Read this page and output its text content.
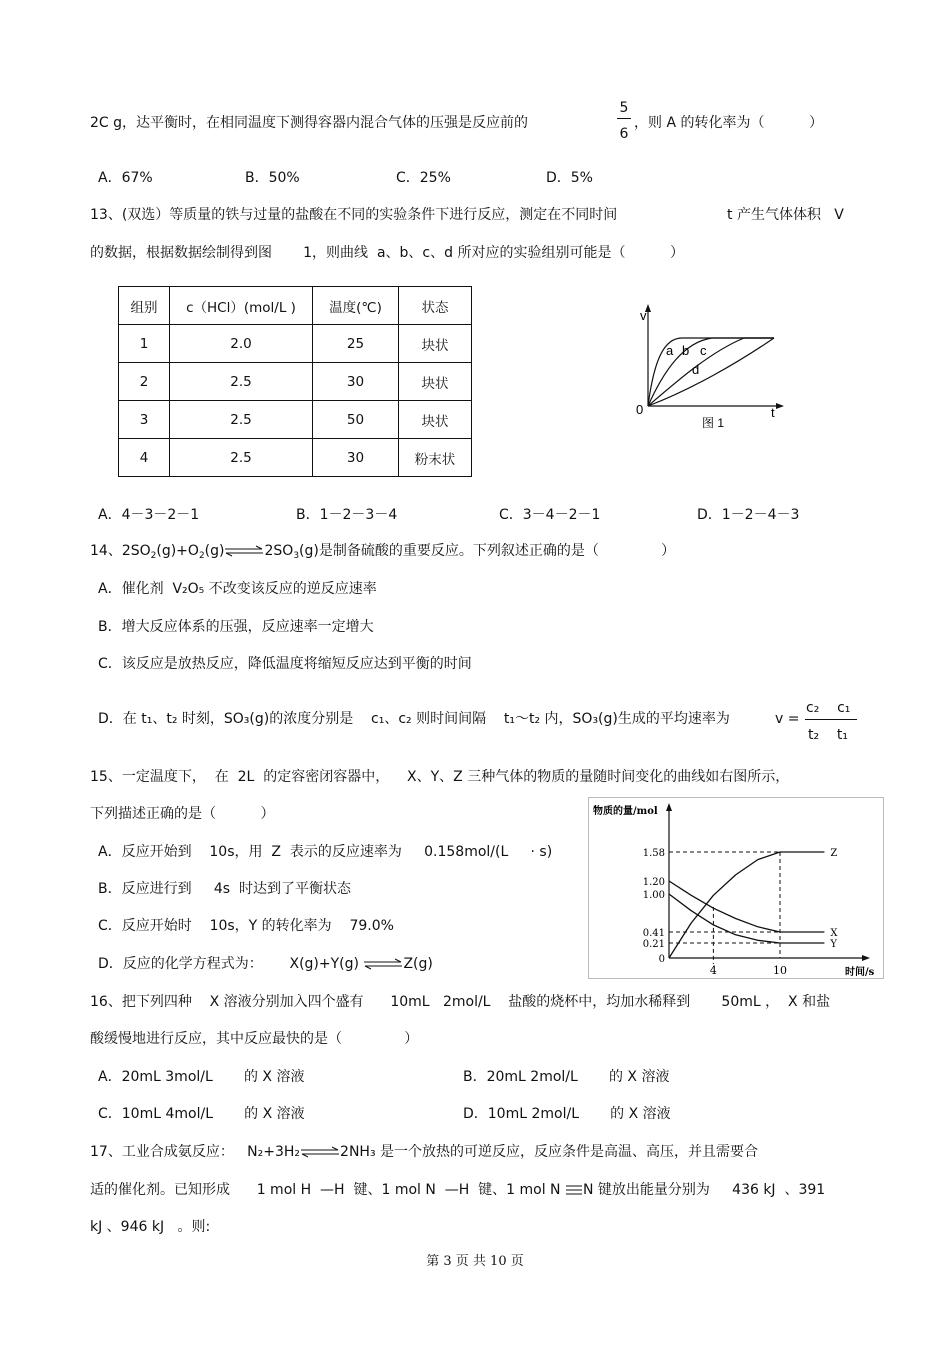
2C g，达平衡时，在相同温度下测得容器内混合气体的压强是反应前的
5
6
，则 A 的转化率为（          ）
A．67%	B．50%	C．25%	D．5%
13、(双选）等质量的铁与过量的盐酸在不同的实验条件下进行反应，测定在不同时间	t 产生气体体积   V
的数据，根据数据绘制得到图       1，则曲线  a、b、c、d 所对应的实验组别可能是（          ）
组别	c（HCl）(mol/L )	温度(℃)	状态
1	2.0	25	块状
2	2.5	30	块状
3	2.5	50	块状
4	2.5	30	粉末状
v
t
0
a b c
d
图 1
A．4－3－2－1	B．1－2－3－4	C．3－4－2－1	D．1－2－4－3
14、$2SO_2(g)+O_2(g)\rightleftharpoons 2SO_3(g)$是制备硫酸的重要反应。下列叙述正确的是（              ）
A．催化剂  V₂O₅ 不改变该反应的逆反应速率
B．增大反应体系的压强，反应速率一定增大
C．该反应是放热反应，降低温度将缩短反应达到平衡的时间
D．在 t₁、t₂ 时刻，SO₃(g)的浓度分别是    c₁、c₂ 则时间间隔    t₁～t₂ 内，SO₃(g)生成的平均速率为	v =
c₂    c₁
t₂    t₁
15、一定温度下，  在  2L  的定容密闭容器中，    X、Y、Z 三种气体的物质的量随时间变化的曲线如右图所示，
下列描述正确的是（          ）
A．反应开始到    10s，用  Z  表示的反应速率为     0.158mol/(L     · s)
B．反应进行到     4s  时达到了平衡状态
C．反应开始时    10s，Y 的转化率为    79.0%
D．反应的化学方程式为：      X(g)+Y(g) ⇌Z(g)
物质的量/mol
时间/s
Z
X
Y
1.58
1.20
1.00
0.41
0.21
0
4	10
16、把下列四种    X 溶液分别加入四个盛有      10mL   2mol/L    盐酸的烧杯中，均加水稀释到       50mL ，  X 和盐
酸缓慢地进行反应，其中反应最快的是（              ）
A．20mL 3mol/L       的 X 溶液	B．20mL 2mol/L       的 X 溶液
C．10mL 4mol/L       的 X 溶液	D．10mL 2mol/L       的 X 溶液
17、工业合成氨反应：   N₂+3H₂⇌2NH₃ 是一个放热的可逆反应，反应条件是高温、高压，并且需要合
适的催化剂。已知形成      1 mol H  —H  键、1 mol N  —H  键、1 mol N N 键放出能量分别为     436 kJ  、391
kJ 、946 kJ   。则:
第 3 页 共 10 页
